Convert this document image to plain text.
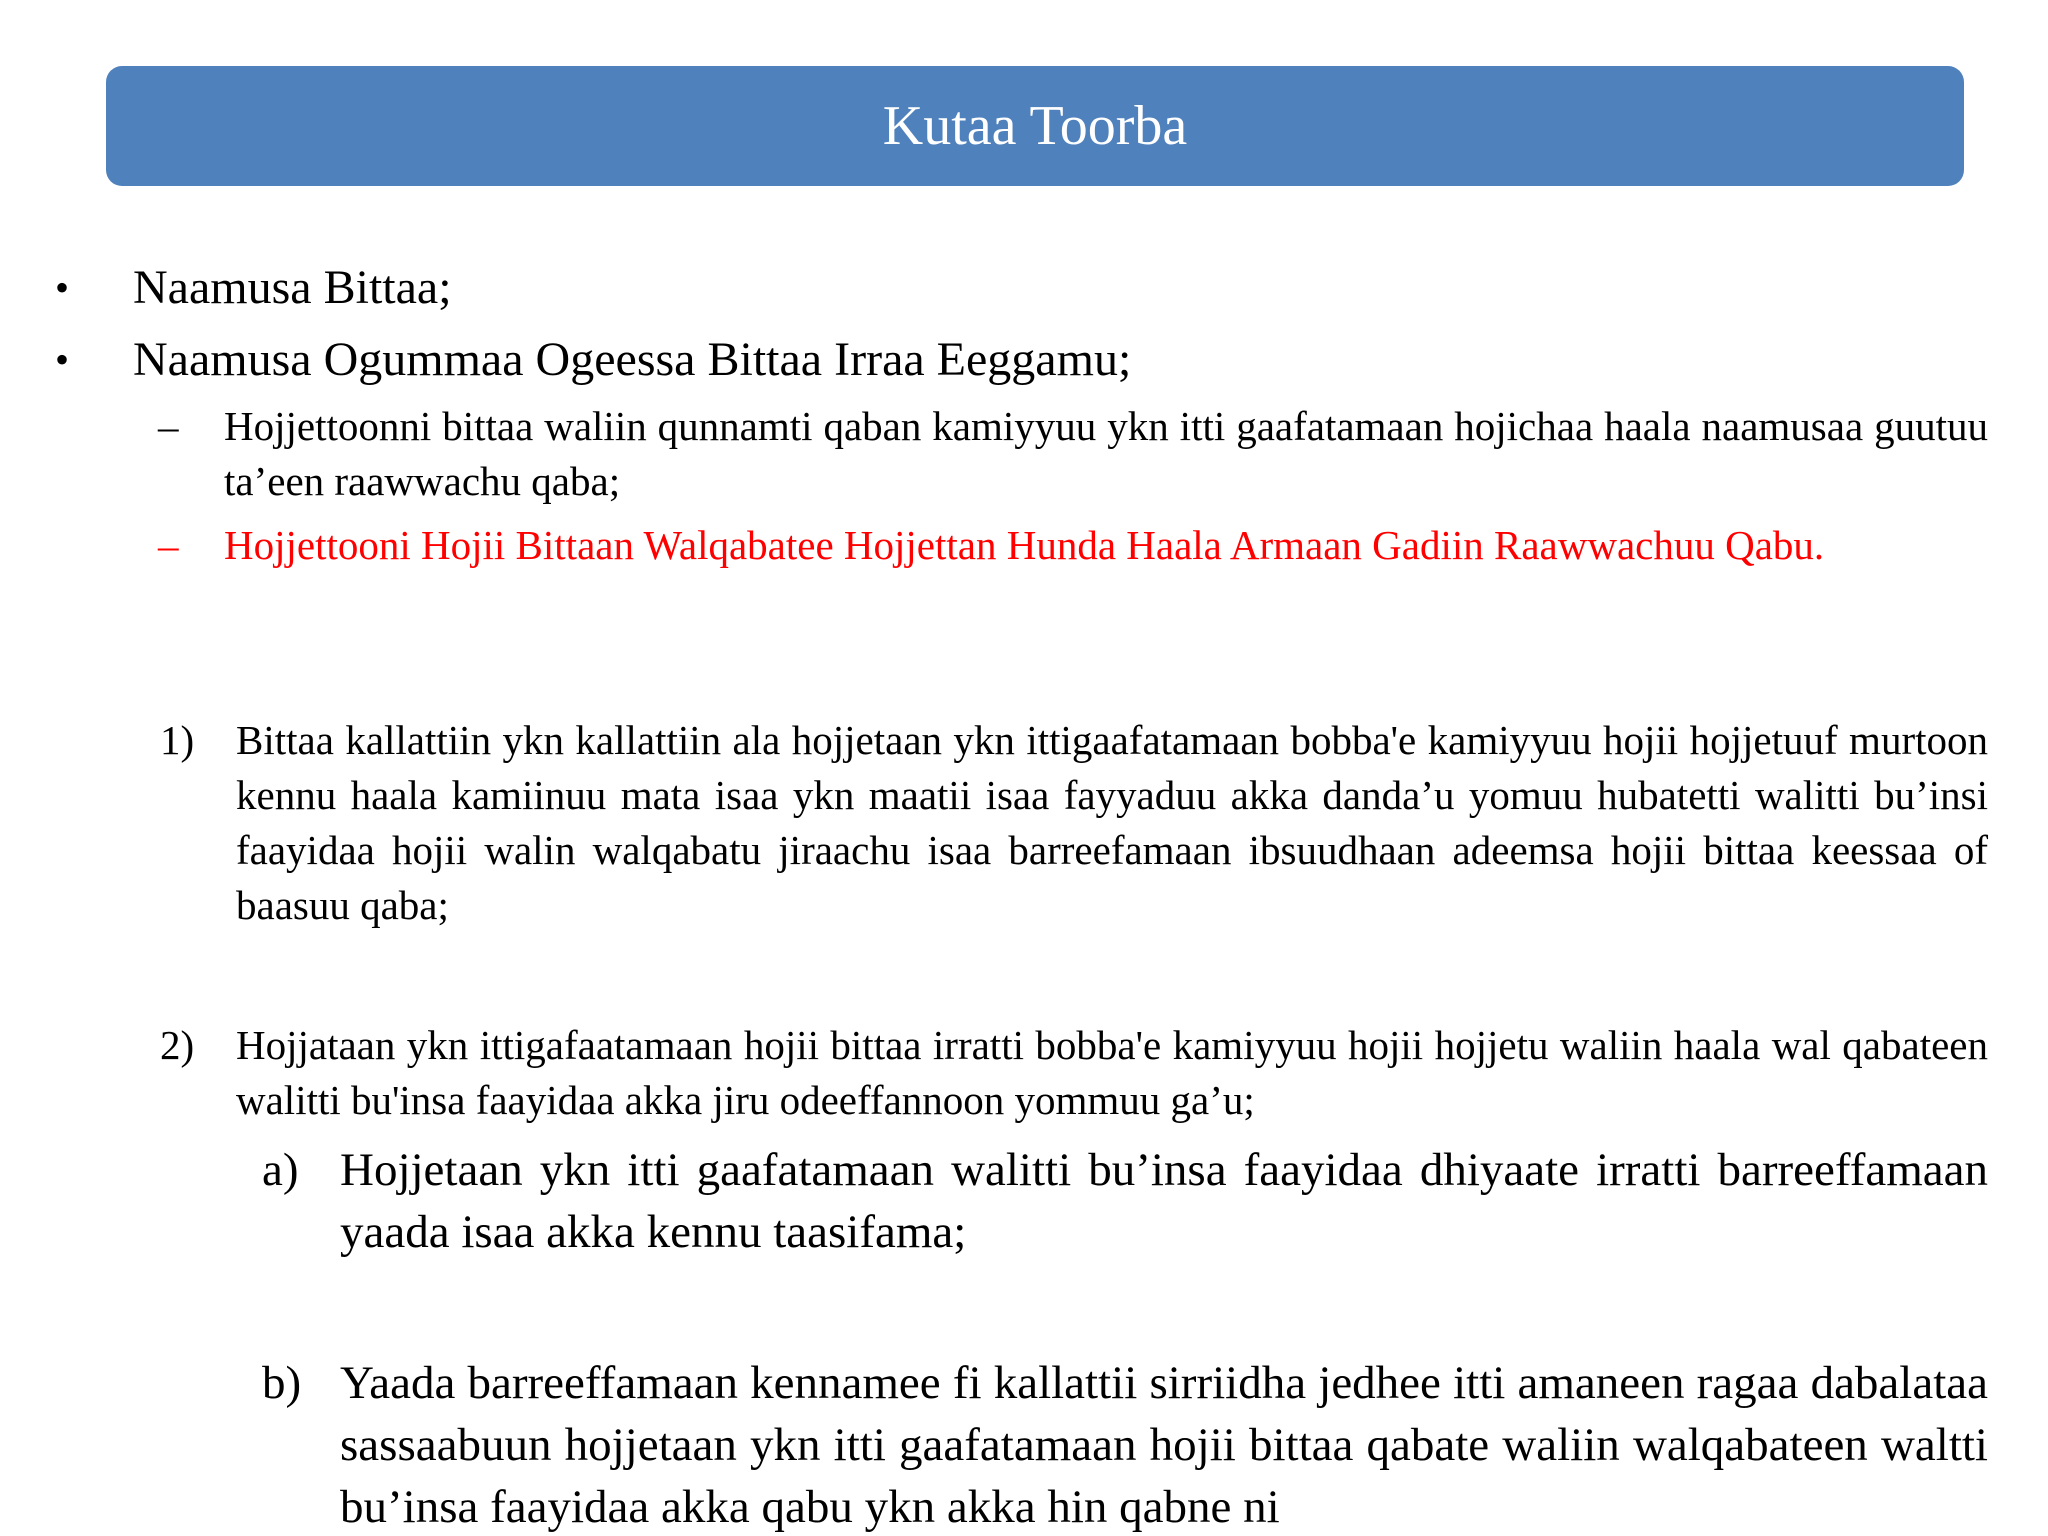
Kutaa Toorba
• Naamusa Bittaa;
• Naamusa Ogummaa Ogeessa Bittaa Irraa Eeggamu;
– Hojjettoonni bittaa waliin qunnamti qaban kamiyyuu ykn itti gaafatamaan hojichaa haala naamusaa guutuu ta’een raawwachu qaba;
– Hojjettooni Hojii Bittaan Walqabatee Hojjettan Hunda Haala Armaan Gadiin Raawwachuu Qabu.
1) Bittaa kallattiin ykn kallattiin ala hojjetaan ykn ittigaafatamaan bobba'e kamiyyuu hojii hojjetuuf murtoon kennu haala kamiinuu mata isaa ykn maatii isaa fayyaduu akka danda’u yomuu hubatetti walitti bu’insi faayidaa hojii walin walqabatu jiraachu isaa barreefamaan ibsuudhaan adeemsa hojii bittaa keessaa of baasuu qaba;
2) Hojjataan ykn ittigafaatamaan hojii bittaa irratti bobba'e kamiyyuu hojii hojjetu waliin haala wal qabateen walitti bu'insa faayidaa akka jiru odeeffannoon yommuu ga’u;
a) Hojjetaan ykn itti gaafatamaan walitti bu’insa faayidaa dhiyaate irratti barreeffamaan yaada isaa akka kennu taasifama;
b) Yaada barreeffamaan kennamee fi kallattii sirriidha jedhee itti amaneen ragaa dabalataa sassaabuun hojjetaan ykn itti gaafatamaan hojii bittaa qabate waliin walqabateen waltti bu’insa faayidaa akka qabu ykn akka hin qabne ni
